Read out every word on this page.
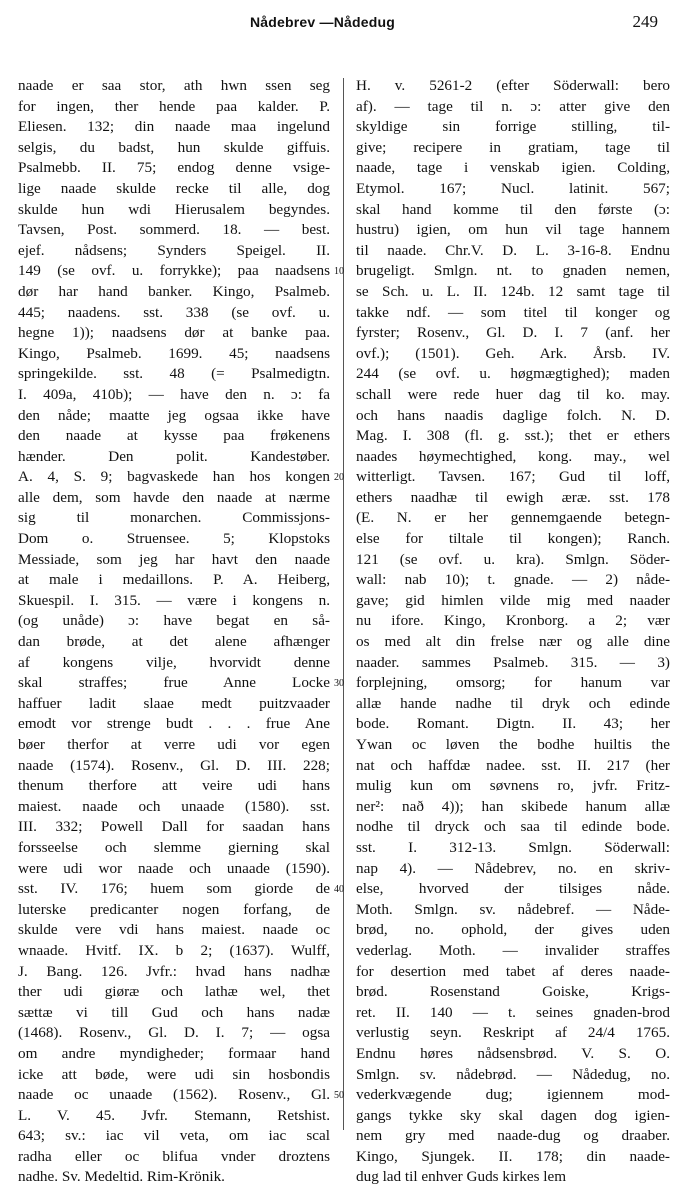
Nådebrev —Nådedug	249
naade er saa stor, ath hwn ssen seg
for ingen, ther hende paa kalder. P.
Eliesen. 132; din naade maa ingelund
selgis, du badst, hun skulde giffuis.
Psalmebb. II. 75; endog denne vsige-
lige naade skulde recke til alle, dog
skulde hun wdi Hierusalem begyndes.
Tavsen, Post. sommerd. 18. — best.
ejef. nådsens; Synders Speigel. II.
149 (se ovf. u. forrykke); paa naadsens
dør har hand banker. Kingo, Psalmeb.
445; naadens. sst. 338 (se ovf. u.
hegne 1)); naadsens dør at banke paa.
Kingo, Psalmeb. 1699. 45; naadsens
springekilde. sst. 48 (= Psalmedigtn.
I. 409a, 410b); — have den n. ɔ: fa
den nåde; maatte jeg ogsaa ikke have
den naade at kysse paa frøkenens
hænder. Den polit. Kandestøber.
A. 4, S. 9; bagvaskede han hos kongen
alle dem, som havde den naade at nærme
sig til monarchen. Commissjons-
Dom o. Struensee. 5; Klopstoks
Messiade, som jeg har havt den naade
at male i medaillons. P. A. Heiberg,
Skuespil. I. 315. — være i kongens n.
(og unåde) ɔ: have begat en så-
dan brøde, at det alene afhænger
af kongens vilje, hvorvidt denne
skal straffes; frue Anne Locke
haffuer ladit slaae medt puitzvaader
emodt vor strenge budt . . . frue Ane
bøer therfor at verre udi vor egen
naade (1574). Rosenv., Gl. D. III. 228;
thenum therfore att veire udi hans
maiest. naade och unaade (1580). sst.
III. 332; Powell Dall for saadan hans
forsseelse och slemme gierning skal
were udi wor naade och unaade (1590).
sst. IV. 176; huem som giorde de
luterske predicanter nogen forfang, de
skulde vere vdi hans maiest. naade oc
wnaade. Hvitf. IX. b 2; (1637). Wulff,
J. Bang. 126. Jvfr.: hvad hans nadhæ
ther udi giøræ och lathæ wel, thet
sættæ vi till Gud och hans nadæ
(1468). Rosenv., Gl. D. I. 7; — ogsa
om andre myndigheder; formaar hand
icke att bøde, were udi sin hosbondis
naade oc unaade (1562). Rosenv., Gl.
L. V. 45. Jvfr. Stemann, Retshist.
643; sv.: iac vil veta, om iac scal
radha eller oc blifua vnder droztens
nadhe. Sv. Medeltid. Rim-Krönik.
H. v. 5261-2 (efter Söderwall: bero
af). — tage til n. ɔ: atter give den
skyldige sin forrige stilling, til-
give; recipere in gratiam, tage til
naade, tage i venskab igien. Colding,
Etymol. 167; Nucl. latinit. 567;
skal hand komme til den første (ɔ:
hustru) igien, om hun vil tage hannem
til naade. Chr.V. D. L. 3-16-8. Endnu
brugeligt. Smlgn. nt. to gnaden nemen,
se Sch. u. L. II. 124b. 12 samt tage til
takke ndf. — som titel til konger og
fyrster; Rosenv., Gl. D. I. 7 (anf. her
ovf.); (1501). Geh. Ark. Årsb. IV.
244 (se ovf. u. høgmægtighed); maden
schall were rede huer dag til ko. may.
och hans naadis daglige folch. N. D.
Mag. I. 308 (fl. g. sst.); thet er ethers
naades høymechtighed, kong. may., wel
witterligt. Tavsen. 167; Gud til loff,
ethers naadhæ til ewigh æræ. sst. 178
(E. N. er her gennemgaende betegn-
else for tiltale til kongen); Ranch.
121 (se ovf. u. kra). Smlgn. Söder-
wall: nab 10); t. gnade. — 2) nåde-
gave; gid himlen vilde mig med naader
nu ifore. Kingo, Kronborg. a 2; vær
os med alt din frelse nær og alle dine
naader. sammes Psalmeb. 315. — 3)
forplejning, omsorg; for hanum var
allæ hande nadhe til dryk och edinde
bode. Romant. Digtn. II. 43; her
Ywan oc løven the bodhe huiltis the
nat och haffdæ nadee. sst. II. 217 (her
mulig kun om søvnens ro, jvfr. Fritz-
ner²: nað 4)); han skibede hanum allæ
nodhe til dryck och saa til edinde bode.
sst. I. 312-13. Smlgn. Söderwall:
nap 4). — Nådebrev, no. en skriv-
else, hvorved der tilsiges nåde.
Moth. Smlgn. sv. nådebref. — Nåde-
brød, no. ophold, der gives uden
vederlag. Moth. — invalider straffes
for desertion med tabet af deres naade-
brød. Rosenstand Goiske, Krigs-
ret. II. 140 — t. seines gnaden-brod
verlustig seyn. Reskript af 24/4 1765.
Endnu høres nådsensbrød. V. S. O.
Smlgn. sv. nådebrød. — Nådedug, no.
vederkvægende dug; igiennem mod-
gangs tykke sky skal dagen dog igien-
nem gry med naade-dug og draaber.
Kingo, Sjungek. II. 178; din naade-
dug lad til enhver Guds kirkes lem
10
20
30
40
50
